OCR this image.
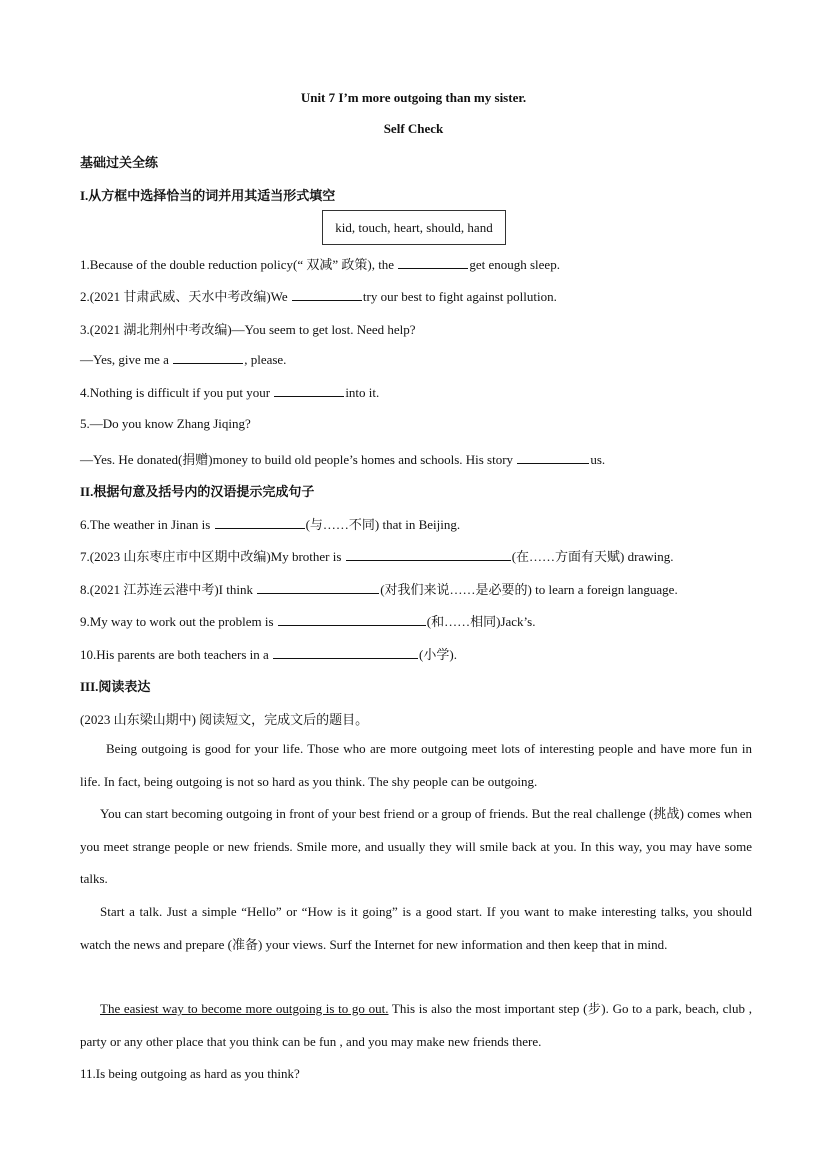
Unit 7 I’m more outgoing than my sister.
Self Check
基础过关全练
I.从方框中选择恰当的词并用其适当形式填空
kid, touch, heart, should, hand
1.Because of the double reduction policy(“ 双减” 政策), the	get enough sleep.
2.(2021 甘肃武威、天水中考改编)We	try our best to fight against pollution.
3.(2021 湖北荆州中考改编)—You seem to get lost. Need help?
—Yes, give me a	, please.
4.Nothing is difficult if you put your	into it.
5.—Do you know Zhang Jiqing?
—Yes. He donated(捐赠)money to build old people’s homes and schools. His story	us.
II.根据句意及括号内的汉语提示完成句子
6.The weather in Jinan is	(与……不同) that in Beijing.
7.(2023 山东枣庄市中区期中改编)My brother is	(在……方面有天赋) drawing.
8.(2021 江苏连云港中考)I think	(对我们来说……是必要的) to learn a foreign language.
9.My way to work out the problem is	(和……相同)Jack’s.
10.His parents are both teachers in a	(小学).
III.阅读表达
(2023 山东梁山期中) 阅读短文，完成文后的题目。
Being outgoing is good for your life. Those who are more outgoing meet lots of interesting people and have more fun in life. In fact, being outgoing is not so hard as you think. The shy people can be outgoing.
You can start becoming outgoing in front of your best friend or a group of friends. But the real challenge (挑战) comes when you meet strange people or new friends. Smile more, and usually they will smile back at you. In this way, you may have some talks.
Start a talk. Just a simple “Hello” or “How is it going” is a good start. If you want to make interesting talks, you should watch the news and prepare (准备) your views. Surf the Internet for new information and then keep that in mind.
The easiest way to become more outgoing is to go out. This is also the most important step (步). Go to a park, beach, club , party or any other place that you think can be fun , and you may make new friends there.
11.Is being outgoing as hard as you think?
